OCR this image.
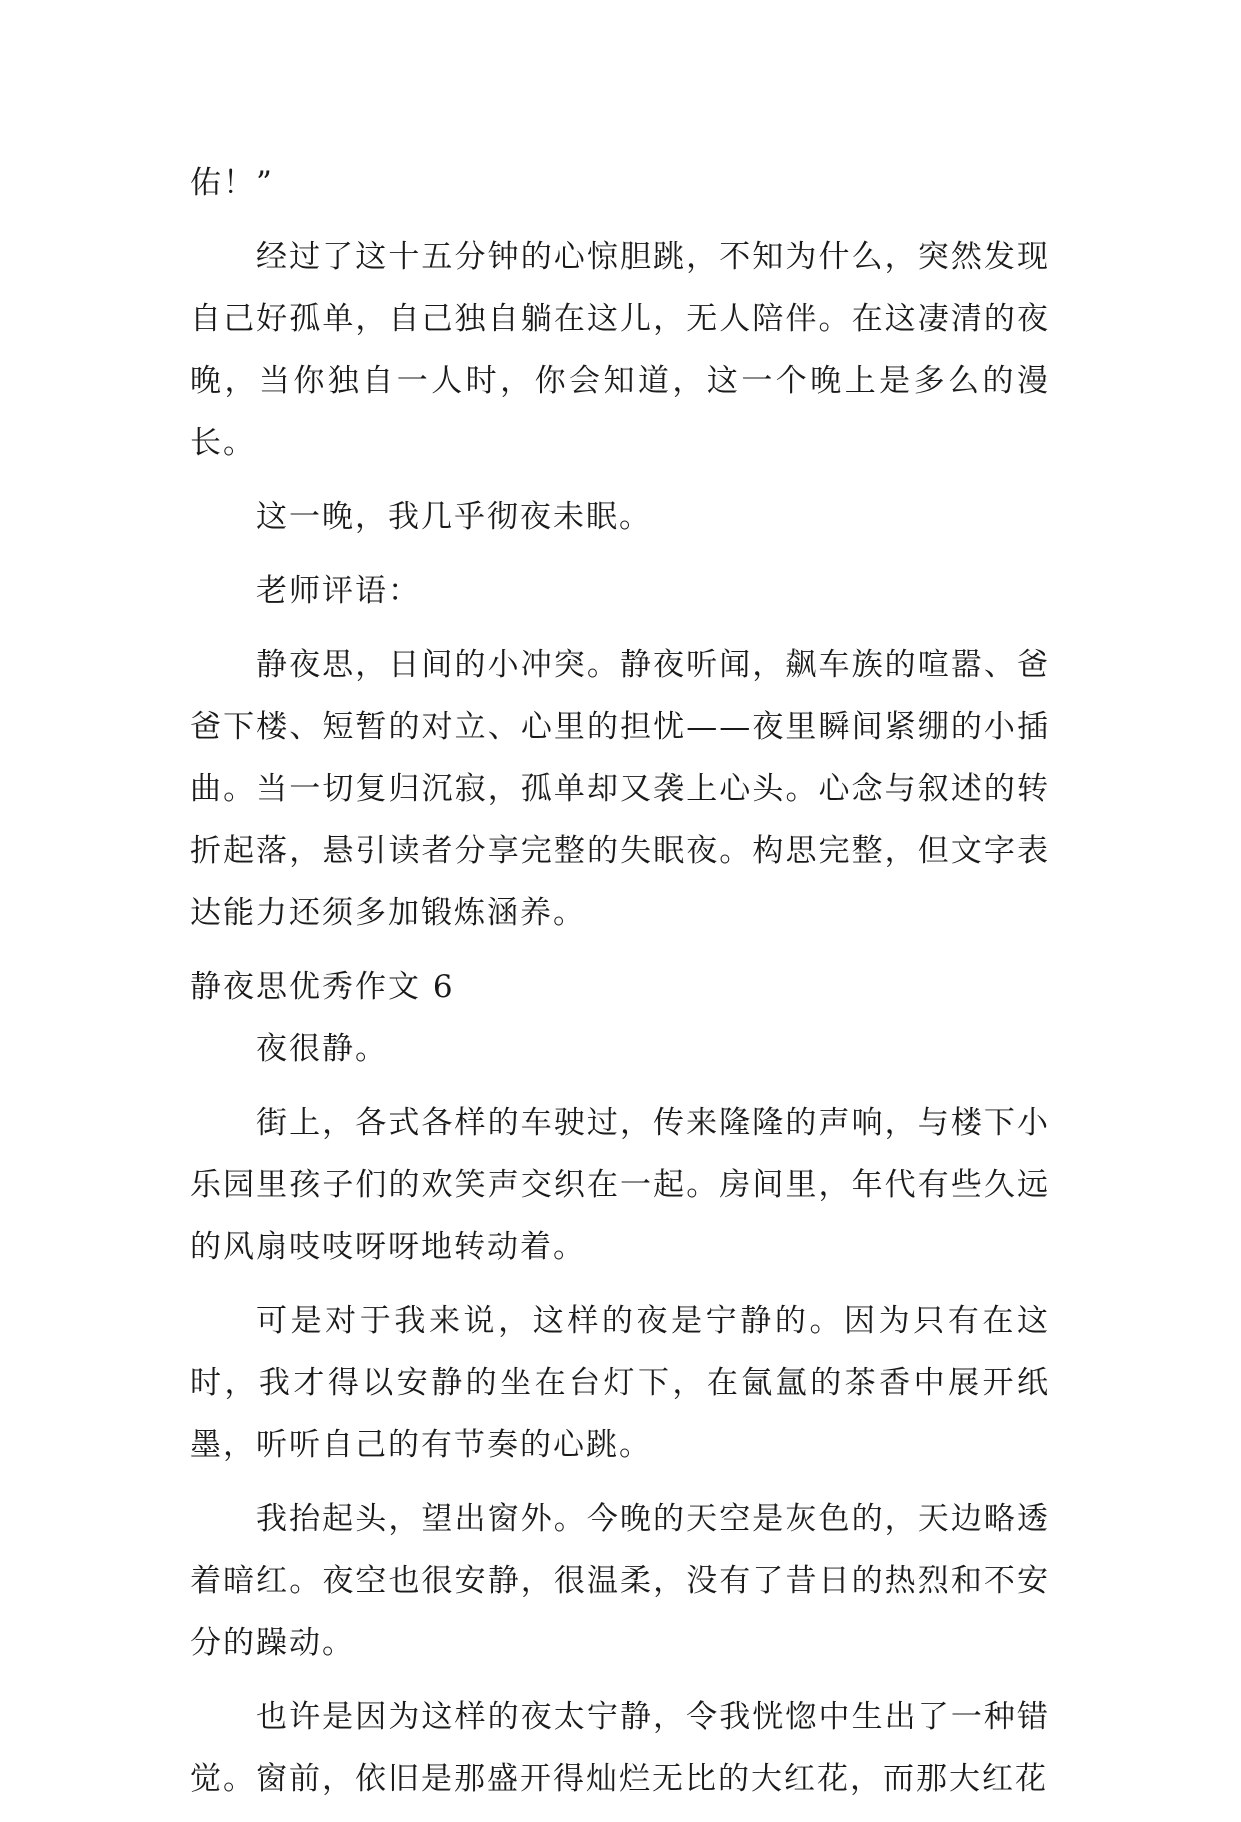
佑！”

经过了这十五分钟的心惊胆跳，不知为什么，突然发现自己好孤单，自己独自躺在这儿，无人陪伴。在这凄清的夜晚，当你独自一人时，你会知道，这一个晚上是多么的漫长。

这一晚，我几乎彻夜未眠。

老师评语：

静夜思，日间的小冲突。静夜听闻，飙车族的喧嚣、爸爸下楼、短暂的对立、心里的担忧——夜里瞬间紧绷的小插曲。当一切复归沉寂，孤单却又袭上心头。心念与叙述的转折起落，悬引读者分享完整的失眠夜。构思完整，但文字表达能力还须多加锻炼涵养。

静夜思优秀作文 6

夜很静。

街上，各式各样的车驶过，传来隆隆的声响，与楼下小乐园里孩子们的欢笑声交织在一起。房间里，年代有些久远的风扇吱吱呀呀地转动着。

可是对于我来说，这样的夜是宁静的。因为只有在这时，我才得以安静的坐在台灯下，在氤氲的茶香中展开纸墨，听听自己的有节奏的心跳。

我抬起头，望出窗外。今晚的天空是灰色的，天边略透着暗红。夜空也很安静，很温柔，没有了昔日的热烈和不安分的躁动。

也许是因为这样的夜太宁静，令我恍惚中生出了一种错觉。窗前，依旧是那盛开得灿烂无比的大红花，而那大红花
